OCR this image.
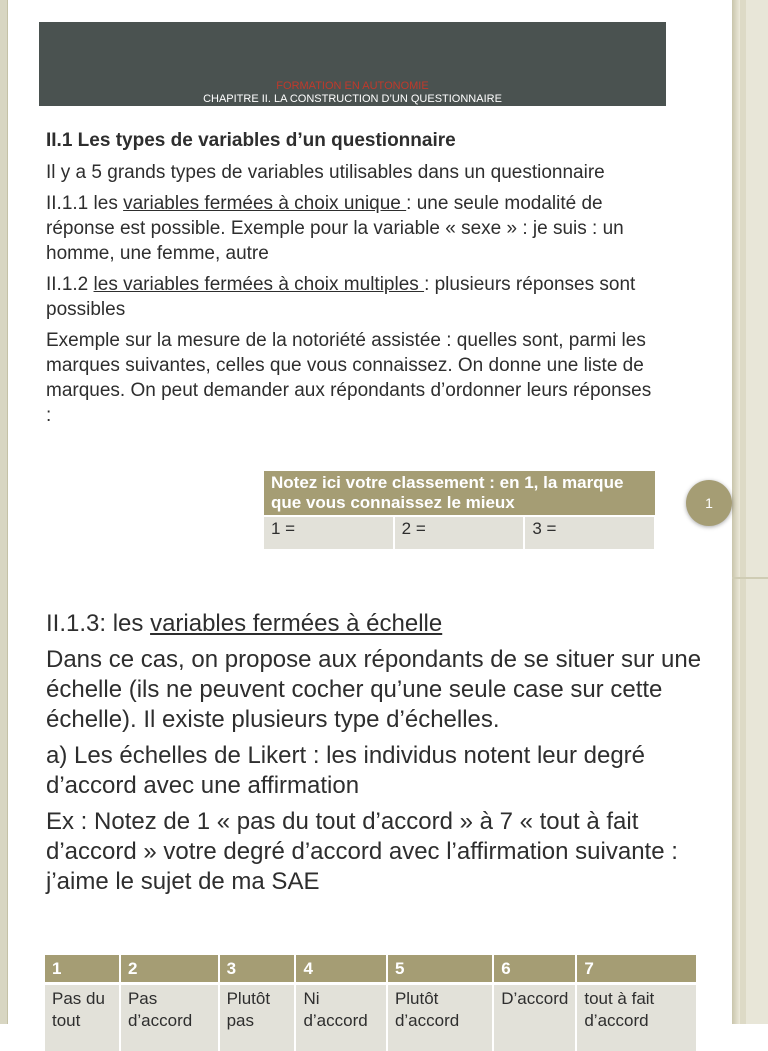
FORMATION EN AUTONOMIE
CHAPITRE II. LA CONSTRUCTION D’UN QUESTIONNAIRE
II.1 Les types de variables d’un questionnaire

Il y a 5 grands types de variables utilisables dans un questionnaire

II.1.1 les variables fermées à choix unique : une seule modalité de réponse est possible. Exemple pour la variable « sexe » : je suis : un homme, une femme, autre

II.1.2 les variables fermées à choix multiples : plusieurs réponses sont possibles

Exemple sur la mesure de la notoriété assistée : quelles sont, parmi les marques suivantes, celles que vous connaissez. On donne une liste de marques. On peut demander aux répondants d’ordonner leurs réponses :

Notez ici votre classement : en 1, la marque que vous connaissez le mieux
1 =	2 =	3 =
1

II.1.3: les variables fermées à échelle

Dans ce cas, on propose aux répondants de se situer sur une échelle (ils ne peuvent cocher qu’une seule case sur cette échelle). Il existe plusieurs type d’échelles.

a) Les échelles de Likert : les individus notent leur degré d’accord avec une affirmation

Ex : Notez de 1 « pas du tout d’accord » à 7 « tout à fait d’accord » votre degré d’accord avec l’affirmation suivante : j’aime le sujet de ma SAE

1	2	3	4	5	6	7
Pas du tout	Pas d’accord	Plutôt pas	Ni d’accord	Plutôt d’accord	D’accord	tout à fait d’accord
